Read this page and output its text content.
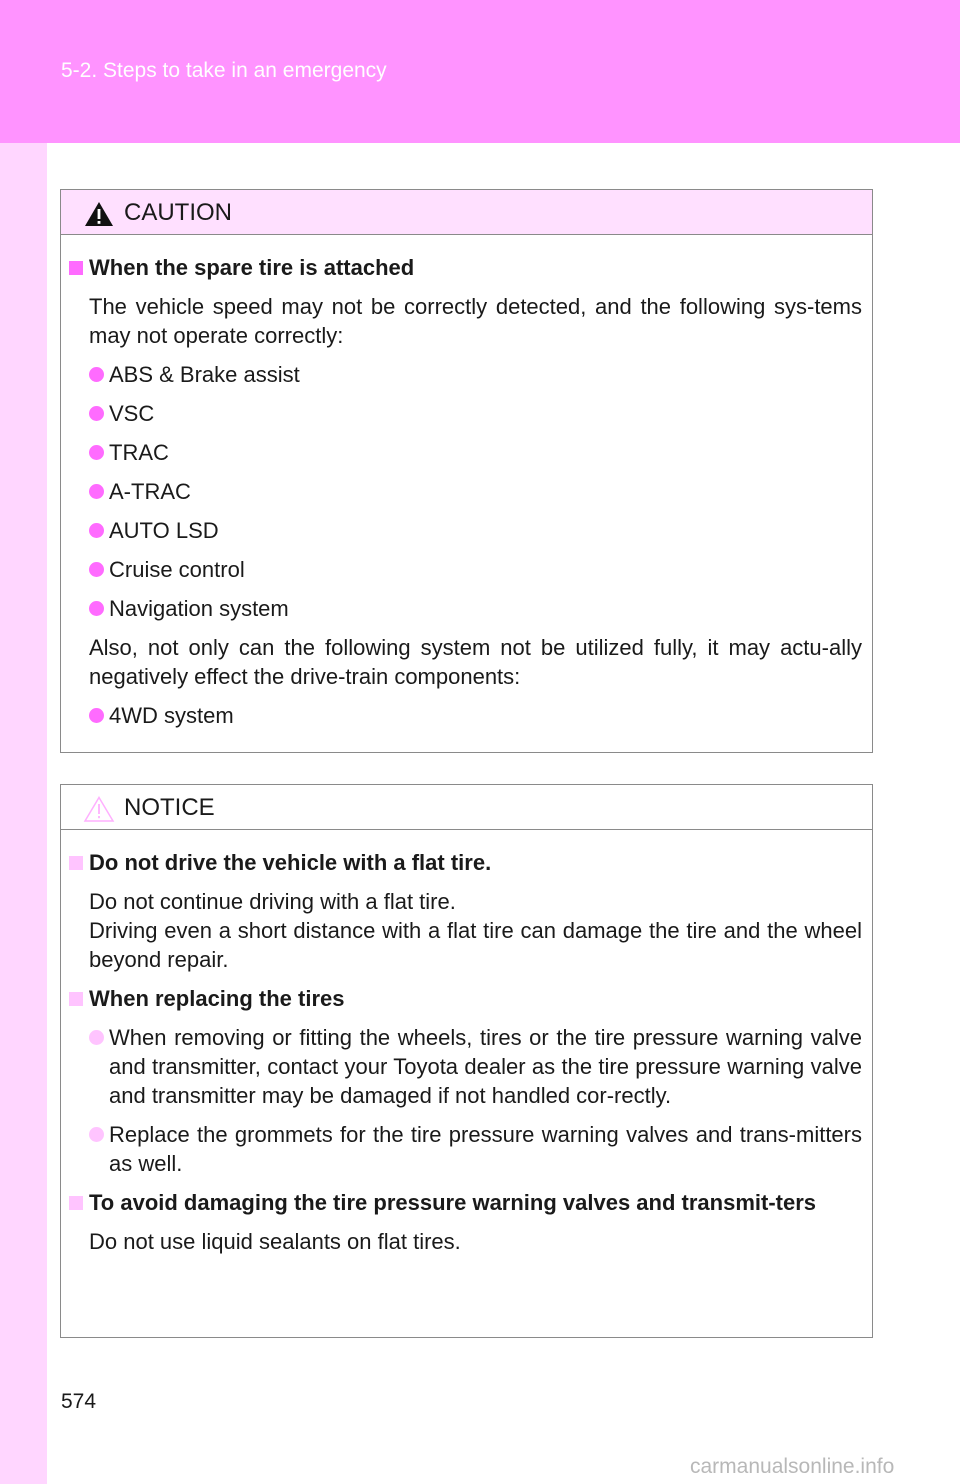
5-2. Steps to take in an emergency
CAUTION
When the spare tire is attached
The vehicle speed may not be correctly detected, and the following sys-tems may not operate correctly:
ABS & Brake assist
VSC
TRAC
A-TRAC
AUTO LSD
Cruise control
Navigation system
Also, not only can the following system not be utilized fully, it may actu-ally negatively effect the drive-train components:
4WD system
NOTICE
Do not drive the vehicle with a flat tire.
Do not continue driving with a flat tire.
Driving even a short distance with a flat tire can damage the tire and the wheel beyond repair.
When replacing the tires
When removing or fitting the wheels, tires or the tire pressure warning valve and transmitter, contact your Toyota dealer as the tire pressure warning valve and transmitter may be damaged if not handled cor-rectly.
Replace the grommets for the tire pressure warning valves and trans-mitters as well.
To avoid damaging the tire pressure warning valves and transmit-ters
Do not use liquid sealants on flat tires.
574
carmanualsonline.info
